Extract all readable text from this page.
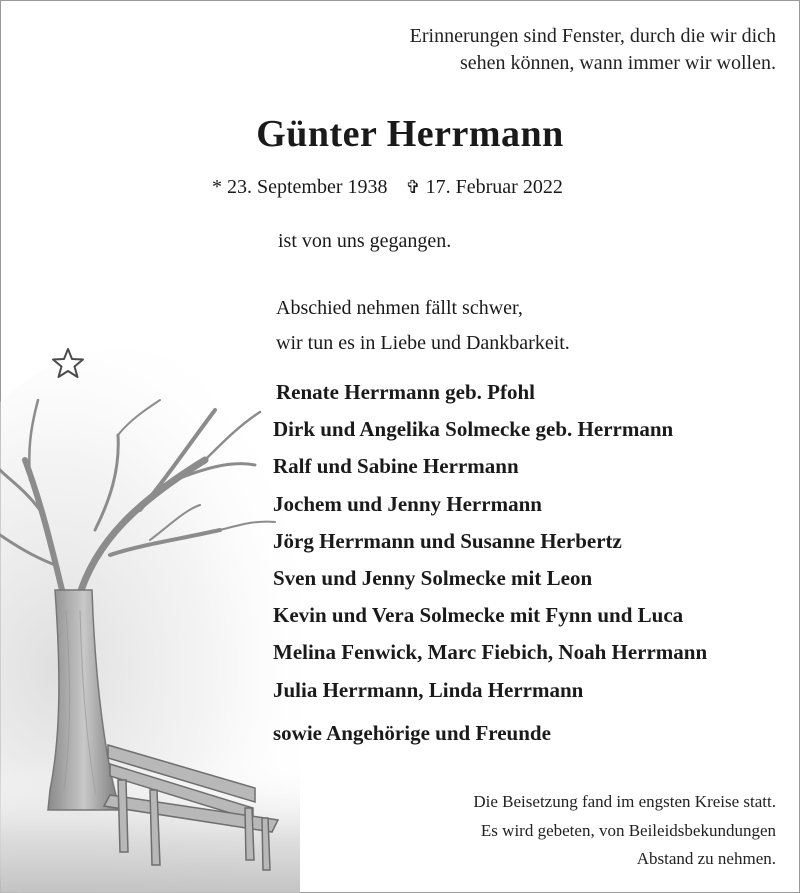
Erinnerungen sind Fenster, durch die wir dich
sehen können, wann immer wir wollen.
Günter Herrmann
* 23. September 1938 ✞ 17. Februar 2022
ist von uns gegangen.
Abschied nehmen fällt schwer,
wir tun es in Liebe und Dankbarkeit.
Renate Herrmann geb. Pfohl
Dirk und Angelika Solmecke geb. Herrmann
Ralf und Sabine Herrmann
Jochem und Jenny Herrmann
Jörg Herrmann und Susanne Herbertz
Sven und Jenny Solmecke mit Leon
Kevin und Vera Solmecke mit Fynn und Luca
Melina Fenwick, Marc Fiebich, Noah Herrmann
Julia Herrmann, Linda Herrmann
sowie Angehörige und Freunde
Die Beisetzung fand im engsten Kreise statt.
Es wird gebeten, von Beileidsbekundungen
Abstand zu nehmen.
